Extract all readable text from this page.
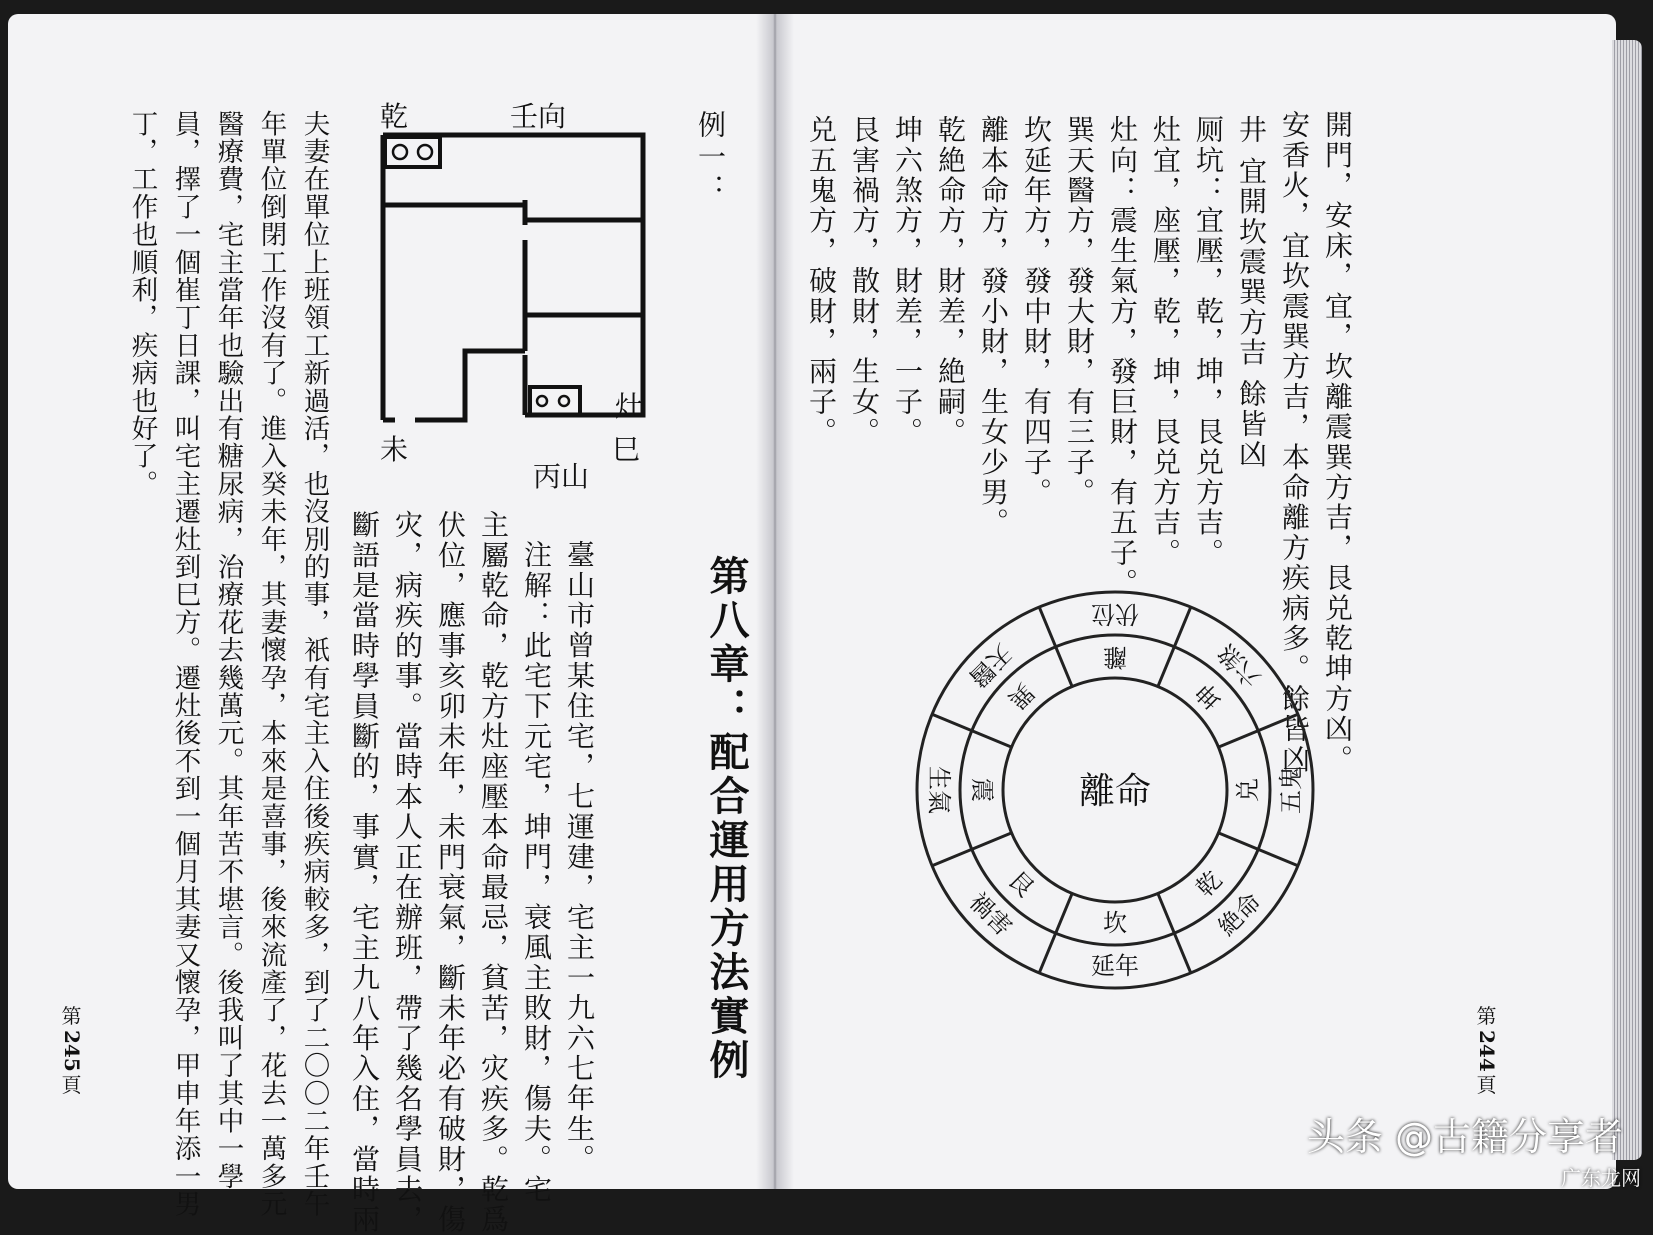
例一：
壬向
乾
灶
巳
未
丙山
臺山市曾某住宅，七運建，宅主一九六七年生。
注解：此宅下元宅，坤門，衰風主敗財，傷夫。宅
主屬乾命，乾方灶座壓本命最忌，貧苦，灾疾多。乾爲
伏位，應事亥卯未年，未門衰氣，斷未年必有破財，傷
灾，病疾的事。當時本人正在辦班，帶了幾名學員去，
斷語是當時學員斷的，事實，宅主九八年入住，當時兩
夫妻在單位上班領工新過活，也沒別的事，衹有宅主入住後疾病較多，到了二〇〇二年壬午
年單位倒閉工作沒有了。進入癸未年，其妻懷孕，本來是喜事，後來流產了，花去一萬多元
醫療費，宅主當年也驗出有糖尿病，治療花去幾萬元。其年苦不堪言。後我叫了其中一學
員，擇了一個崔丁日課，叫宅主遷灶到巳方。遷灶後不到一個月其妻又懷孕，甲申年添一男
丁，工作也順利，疾病也好了。
第
245
頁
第八章：配合運用方法實例
開門，安床，宜，坎離震巽方吉，艮兑乾坤方凶。
安香火，宜坎震巽方吉，本命離方疾病多。餘皆凶
井 宜開坎震巽方吉 餘皆凶
厕坑：宜壓，乾，坤，艮兑方吉。
灶宜，座壓，乾，坤，艮兑方吉。
灶向：震生氣方，發巨財，有五子。
巽天醫方，發大財，有三子。
坎延年方，發中財，有四子。
離本命方，發小財，生女少男。
乾絶命方，財差，絶嗣。
坤六煞方，財差，一子。
艮害禍方，散財，生女。
兑五鬼方，破財，兩子。
離命
離
坤
兑
乾
坎
艮
震
巽
伏位
六煞
五鬼
絶命
延年
禍害
生氣
天醫
第
244
頁
头条 @古籍分享者
广东龙网
